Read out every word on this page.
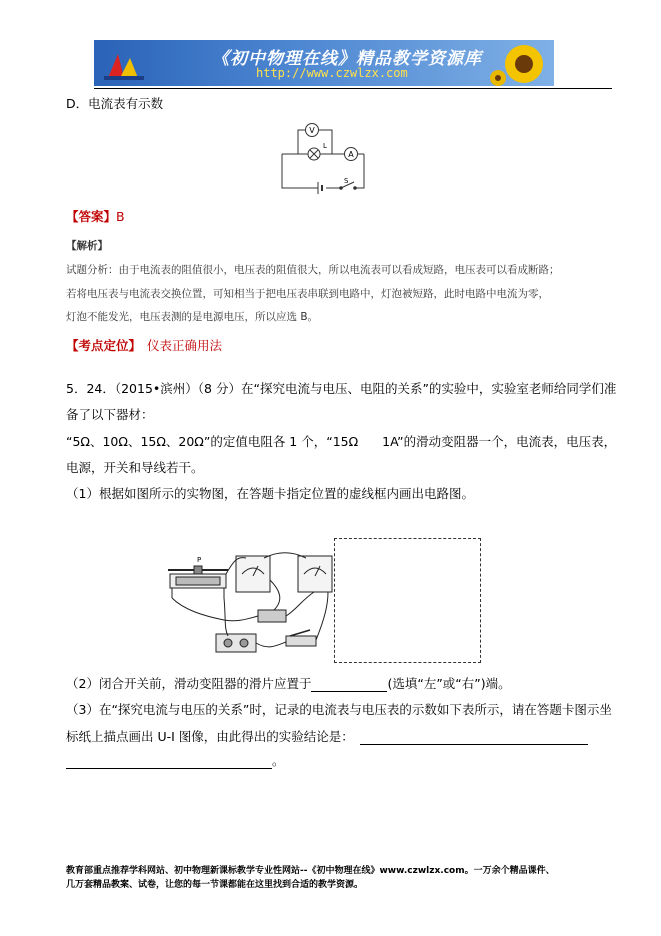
《初中物理在线》精品教学资源库
http://www.czwlzx.com
D．电流表有示数
V
L
A
S
【答案】B
【解析】
试题分析：由于电流表的阻值很小，电压表的阻值很大，所以电流表可以看成短路，电压表可以看成断路；
若将电压表与电流表交换位置，可知相当于把电压表串联到电路中，灯泡被短路，此时电路中电流为零，
灯泡不能发光，电压表测的是电源电压，所以应选 B。
【考点定位】 仪表正确用法
5．24．（2015•滨州）（8 分）在“探究电流与电压、电阻的关系”的实验中，实验室老师给同学们准
备了以下器材：
“5Ω、10Ω、15Ω、20Ω”的定值电阻各 1 个，“15Ω 1A”的滑动变阻器一个，电流表，电压表，
电源，开关和导线若干。
（1）根据如图所示的实物图，在答题卡指定位置的虚线框内画出电路图。
P
（2）闭合开关前，滑动变阻器的滑片应置于	(选填“左”或“右”)端。
（3）在“探究电流与电压的关系”时，记录的电流表与电压表的示数如下表所示，请在答题卡图示坐
标纸上描点画出 U-I 图像，由此得出的实验结论是：
。
教育部重点推荐学科网站、初中物理新课标教学专业性网站--《初中物理在线》www.czwlzx.com。一万余个精品课件、
几万套精品教案、试卷，让您的每一节课都能在这里找到合适的教学资源。
